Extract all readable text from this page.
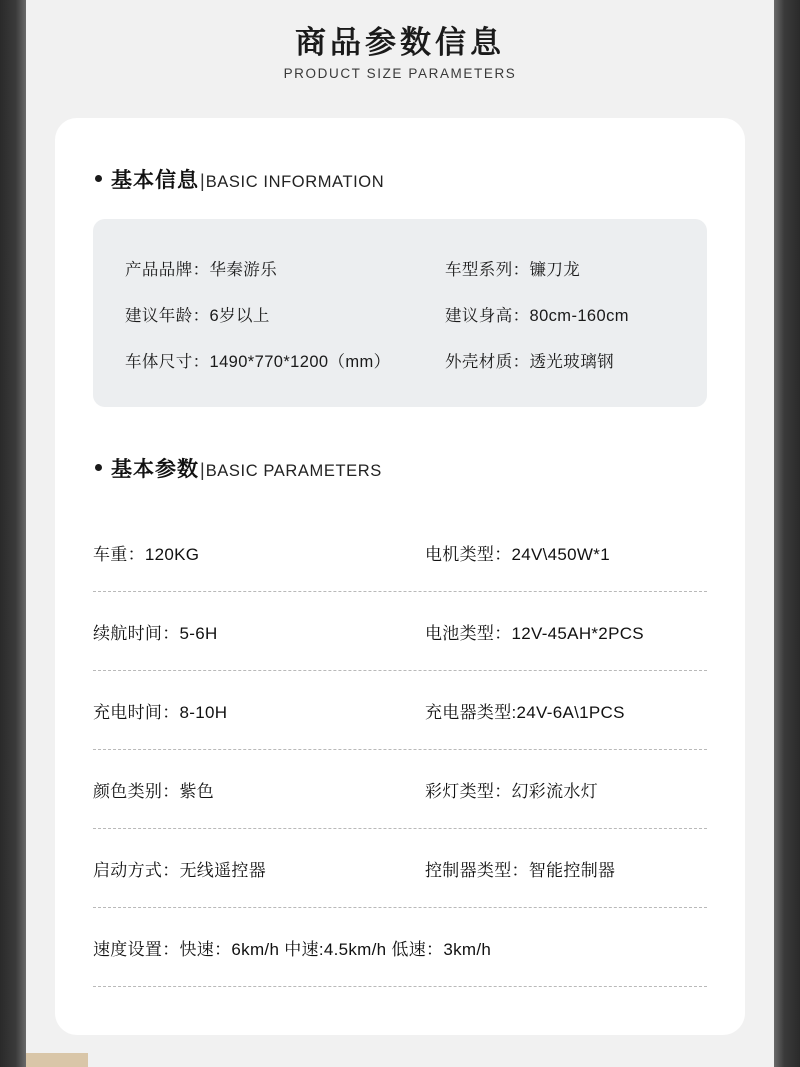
商品参数信息
PRODUCT SIZE PARAMETERS
基本信息 | BASIC INFORMATION
产品品牌：华秦游乐	车型系列：镰刀龙
建议年龄：6岁以上	建议身高：80cm-160cm
车体尺寸：1490*770*1200（mm）	外壳材质：透光玻璃钢
基本参数 | BASIC PARAMETERS
车重：120KG	电机类型：24V\450W*1
续航时间：5-6H	电池类型：12V-45AH*2PCS
充电时间：8-10H	充电器类型:24V-6A\1PCS
颜色类别：紫色	彩灯类型：幻彩流水灯
启动方式：无线遥控器	控制器类型：智能控制器
速度设置：快速：6km/h 中速:4.5km/h 低速：3km/h
